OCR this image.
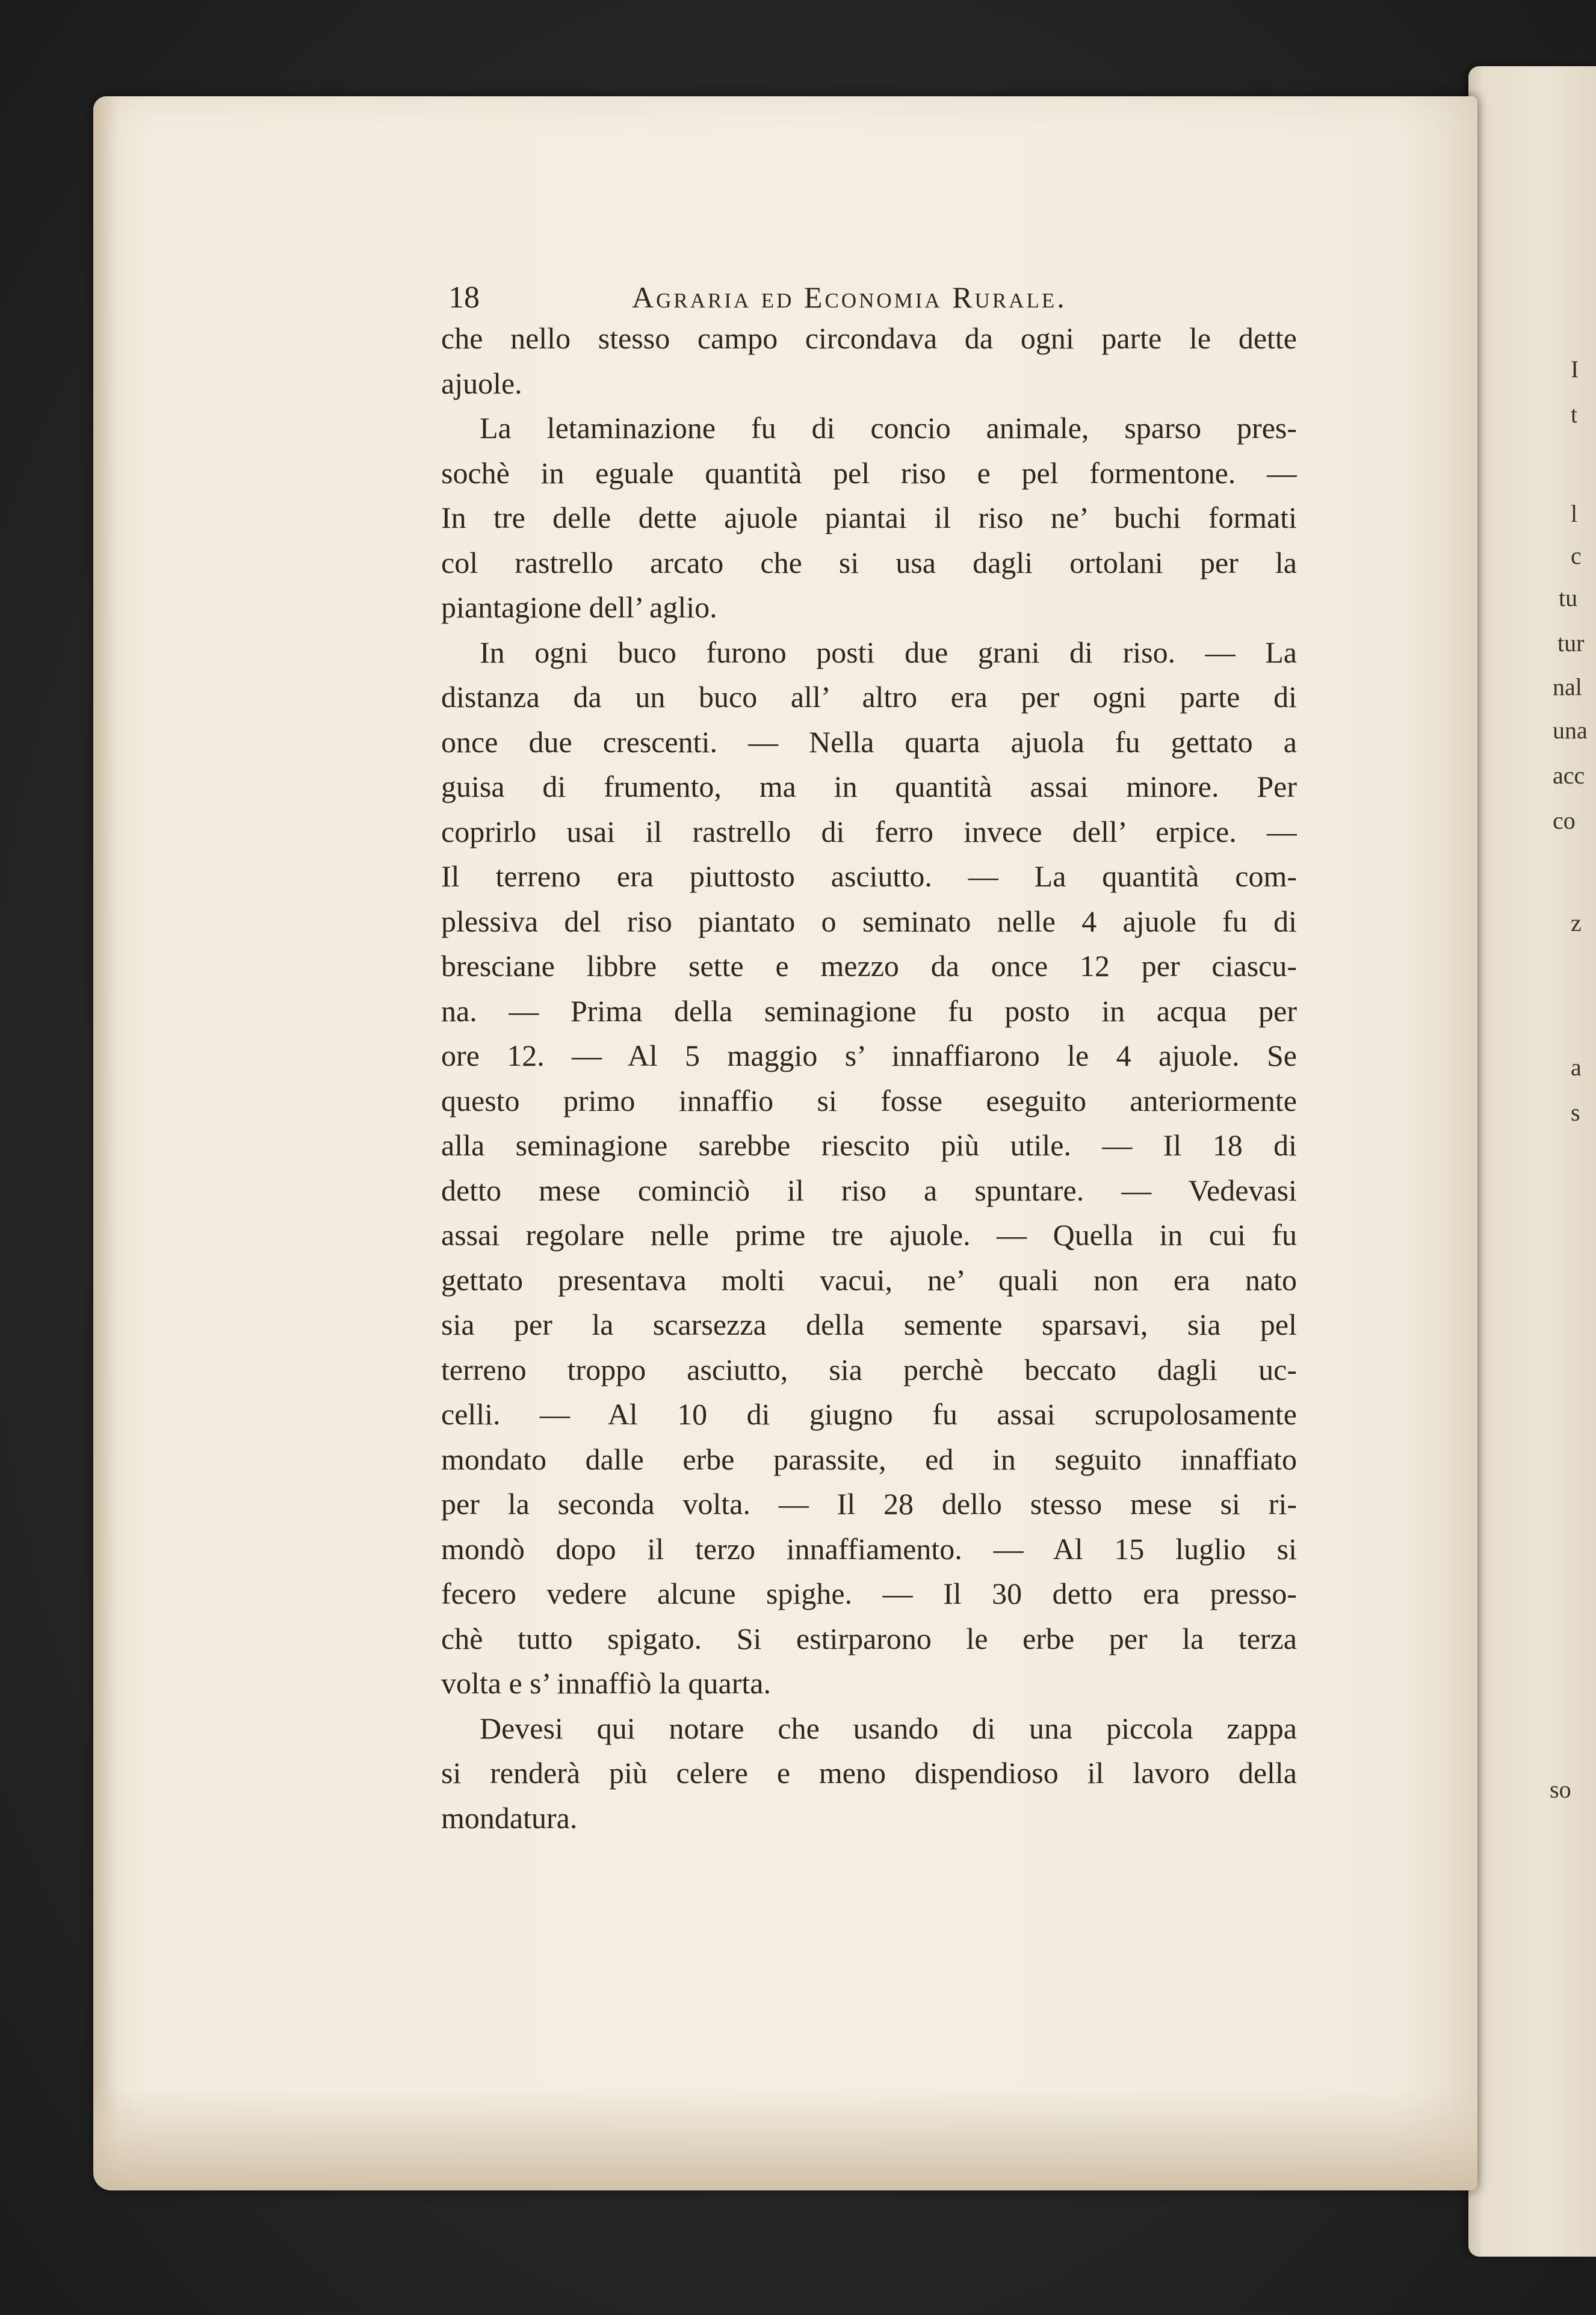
I
t
l
c
tu
tur
nal
una
acc
co
z
a
s
so
18	Agraria ed Economia Rurale.

che nello stesso campo circondava da ogni parte le dette
ajuole.

La letaminazione fu di concio animale, sparso pres-
sochè in eguale quantità pel riso e pel formentone. —
In tre delle dette ajuole piantai il riso ne’ buchi formati
col rastrello arcato che si usa dagli ortolani per la
piantagione dell’ aglio.

In ogni buco furono posti due grani di riso. — La
distanza da un buco all’ altro era per ogni parte di
once due crescenti. — Nella quarta ajuola fu gettato a
guisa di frumento, ma in quantità assai minore. Per
coprirlo usai il rastrello di ferro invece dell’ erpice. —
Il terreno era piuttosto asciutto. — La quantità com-
plessiva del riso piantato o seminato nelle 4 ajuole fu di
bresciane libbre sette e mezzo da once 12 per ciascu-
na. — Prima della seminagione fu posto in acqua per
ore 12. — Al 5 maggio s’ innaffiarono le 4 ajuole. Se
questo primo innaffio si fosse eseguito anteriormente
alla seminagione sarebbe riescito più utile. — Il 18 di
detto mese cominciò il riso a spuntare. — Vedevasi
assai regolare nelle prime tre ajuole. — Quella in cui fu
gettato presentava molti vacui, ne’ quali non era nato
sia per la scarsezza della semente sparsavi, sia pel
terreno troppo asciutto, sia perchè beccato dagli uc-
celli. — Al 10 di giugno fu assai scrupolosamente
mondato dalle erbe parassite, ed in seguito innaffiato
per la seconda volta. — Il 28 dello stesso mese si ri-
mondò dopo il terzo innaffiamento. — Al 15 luglio si
fecero vedere alcune spighe. — Il 30 detto era presso-
chè tutto spigato. Si estirparono le erbe per la terza
volta e s’ innaffiò la quarta.

Devesi qui notare che usando di una piccola zappa
si renderà più celere e meno dispendioso il lavoro della
mondatura.
